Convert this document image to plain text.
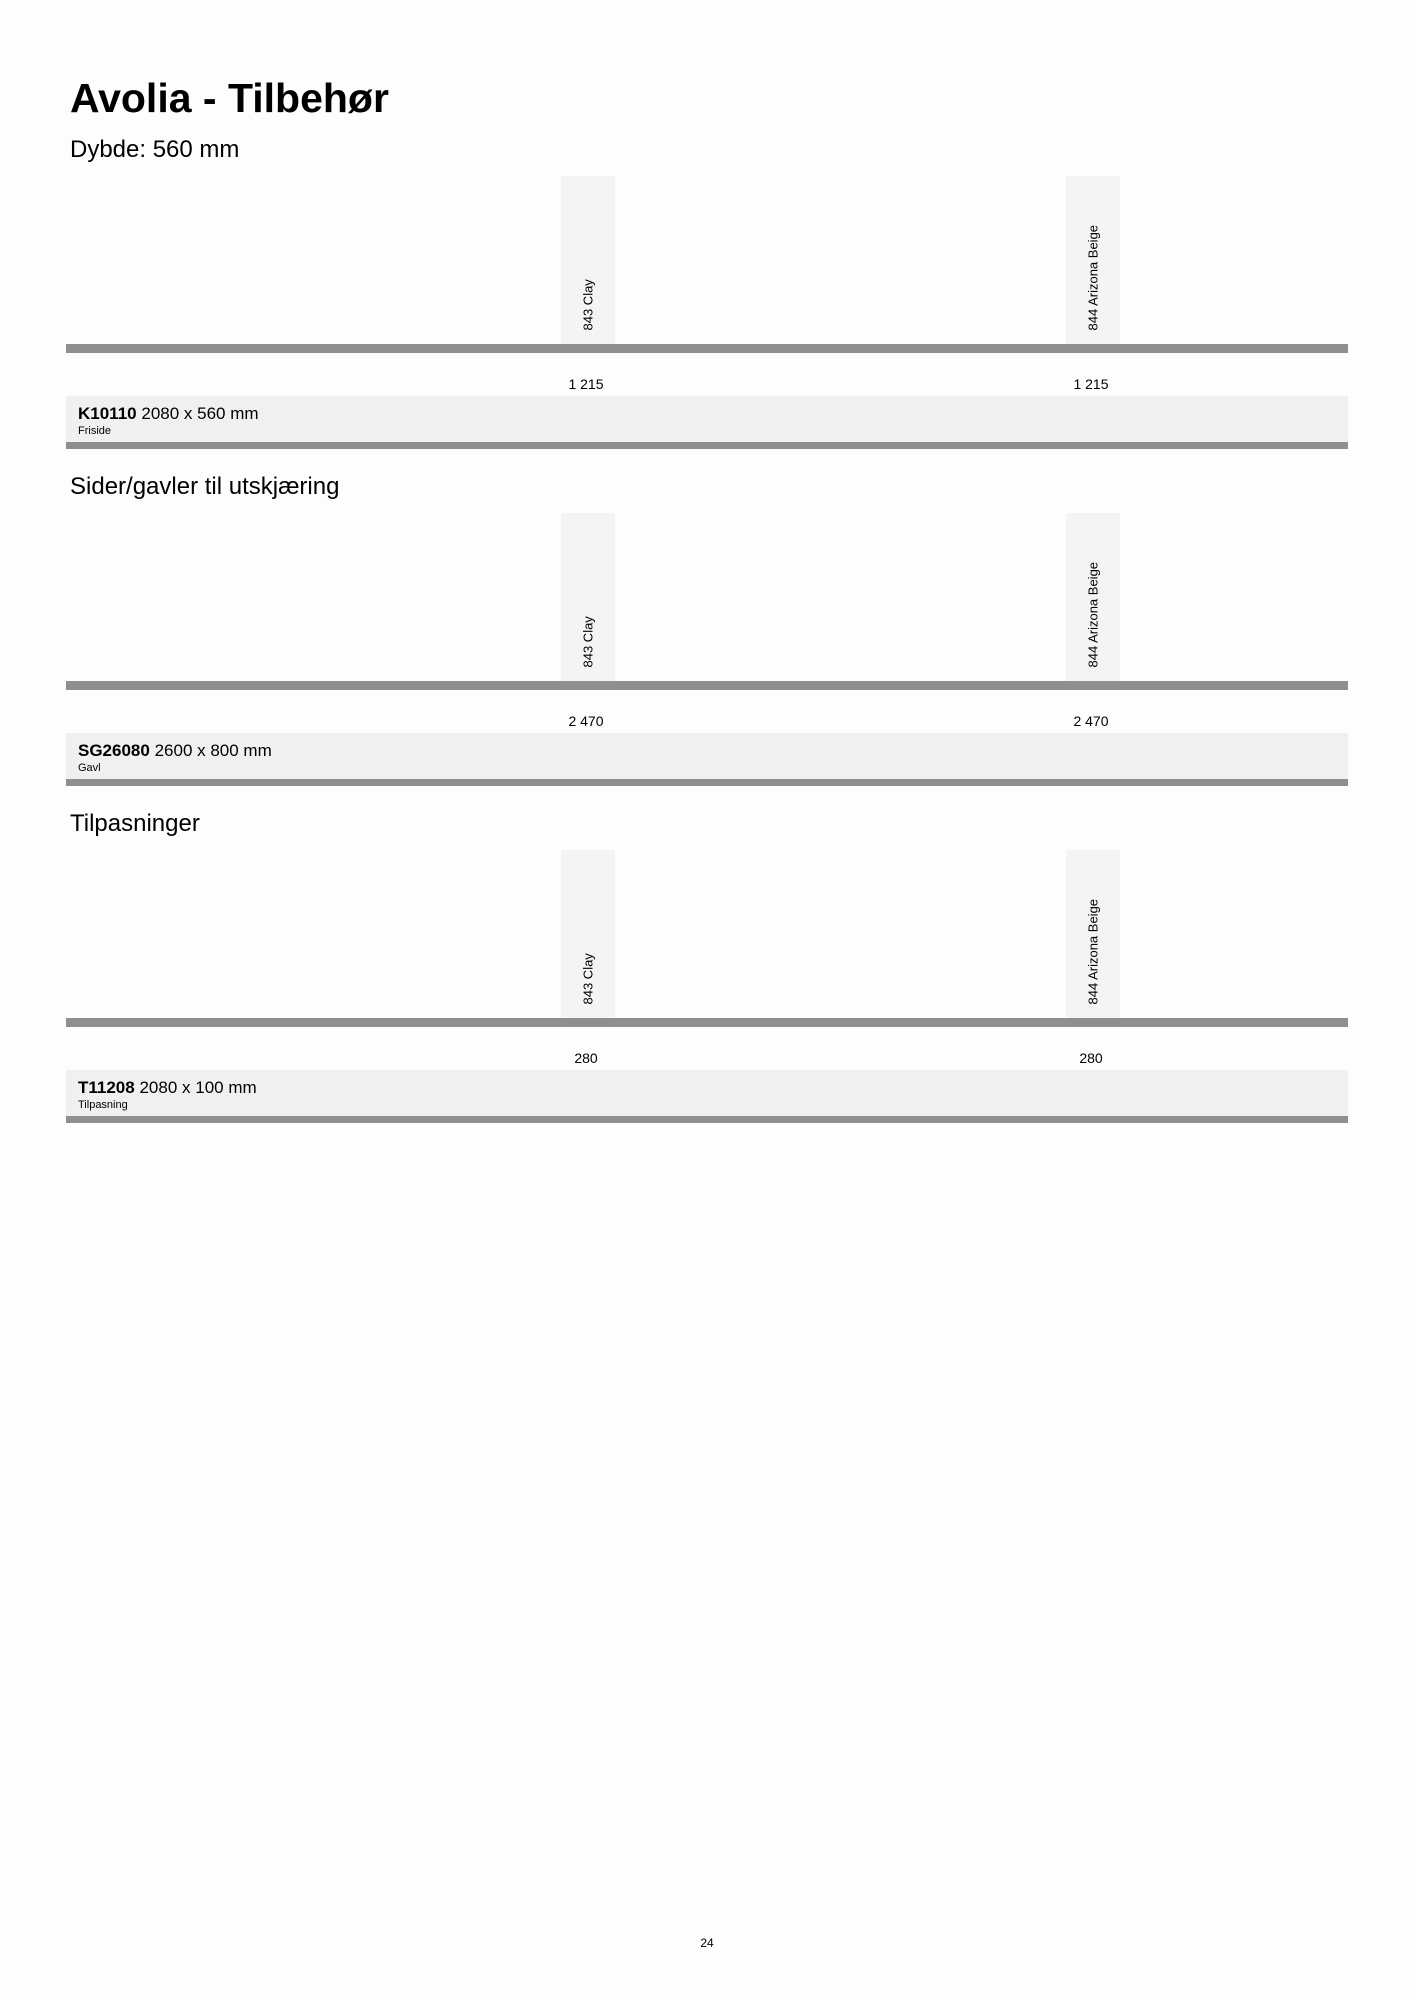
Avolia - Tilbehør
Dybde: 560 mm
843 Clay	844 Arizona Beige
1 215	1 215
K10110 2080 x 560 mm
Friside
Sider/gavler til utskjæring
843 Clay	844 Arizona Beige
2 470	2 470
SG26080 2600 x 800 mm
Gavl
Tilpasninger
843 Clay	844 Arizona Beige
280	280
T11208 2080 x 100 mm
Tilpasning
24
